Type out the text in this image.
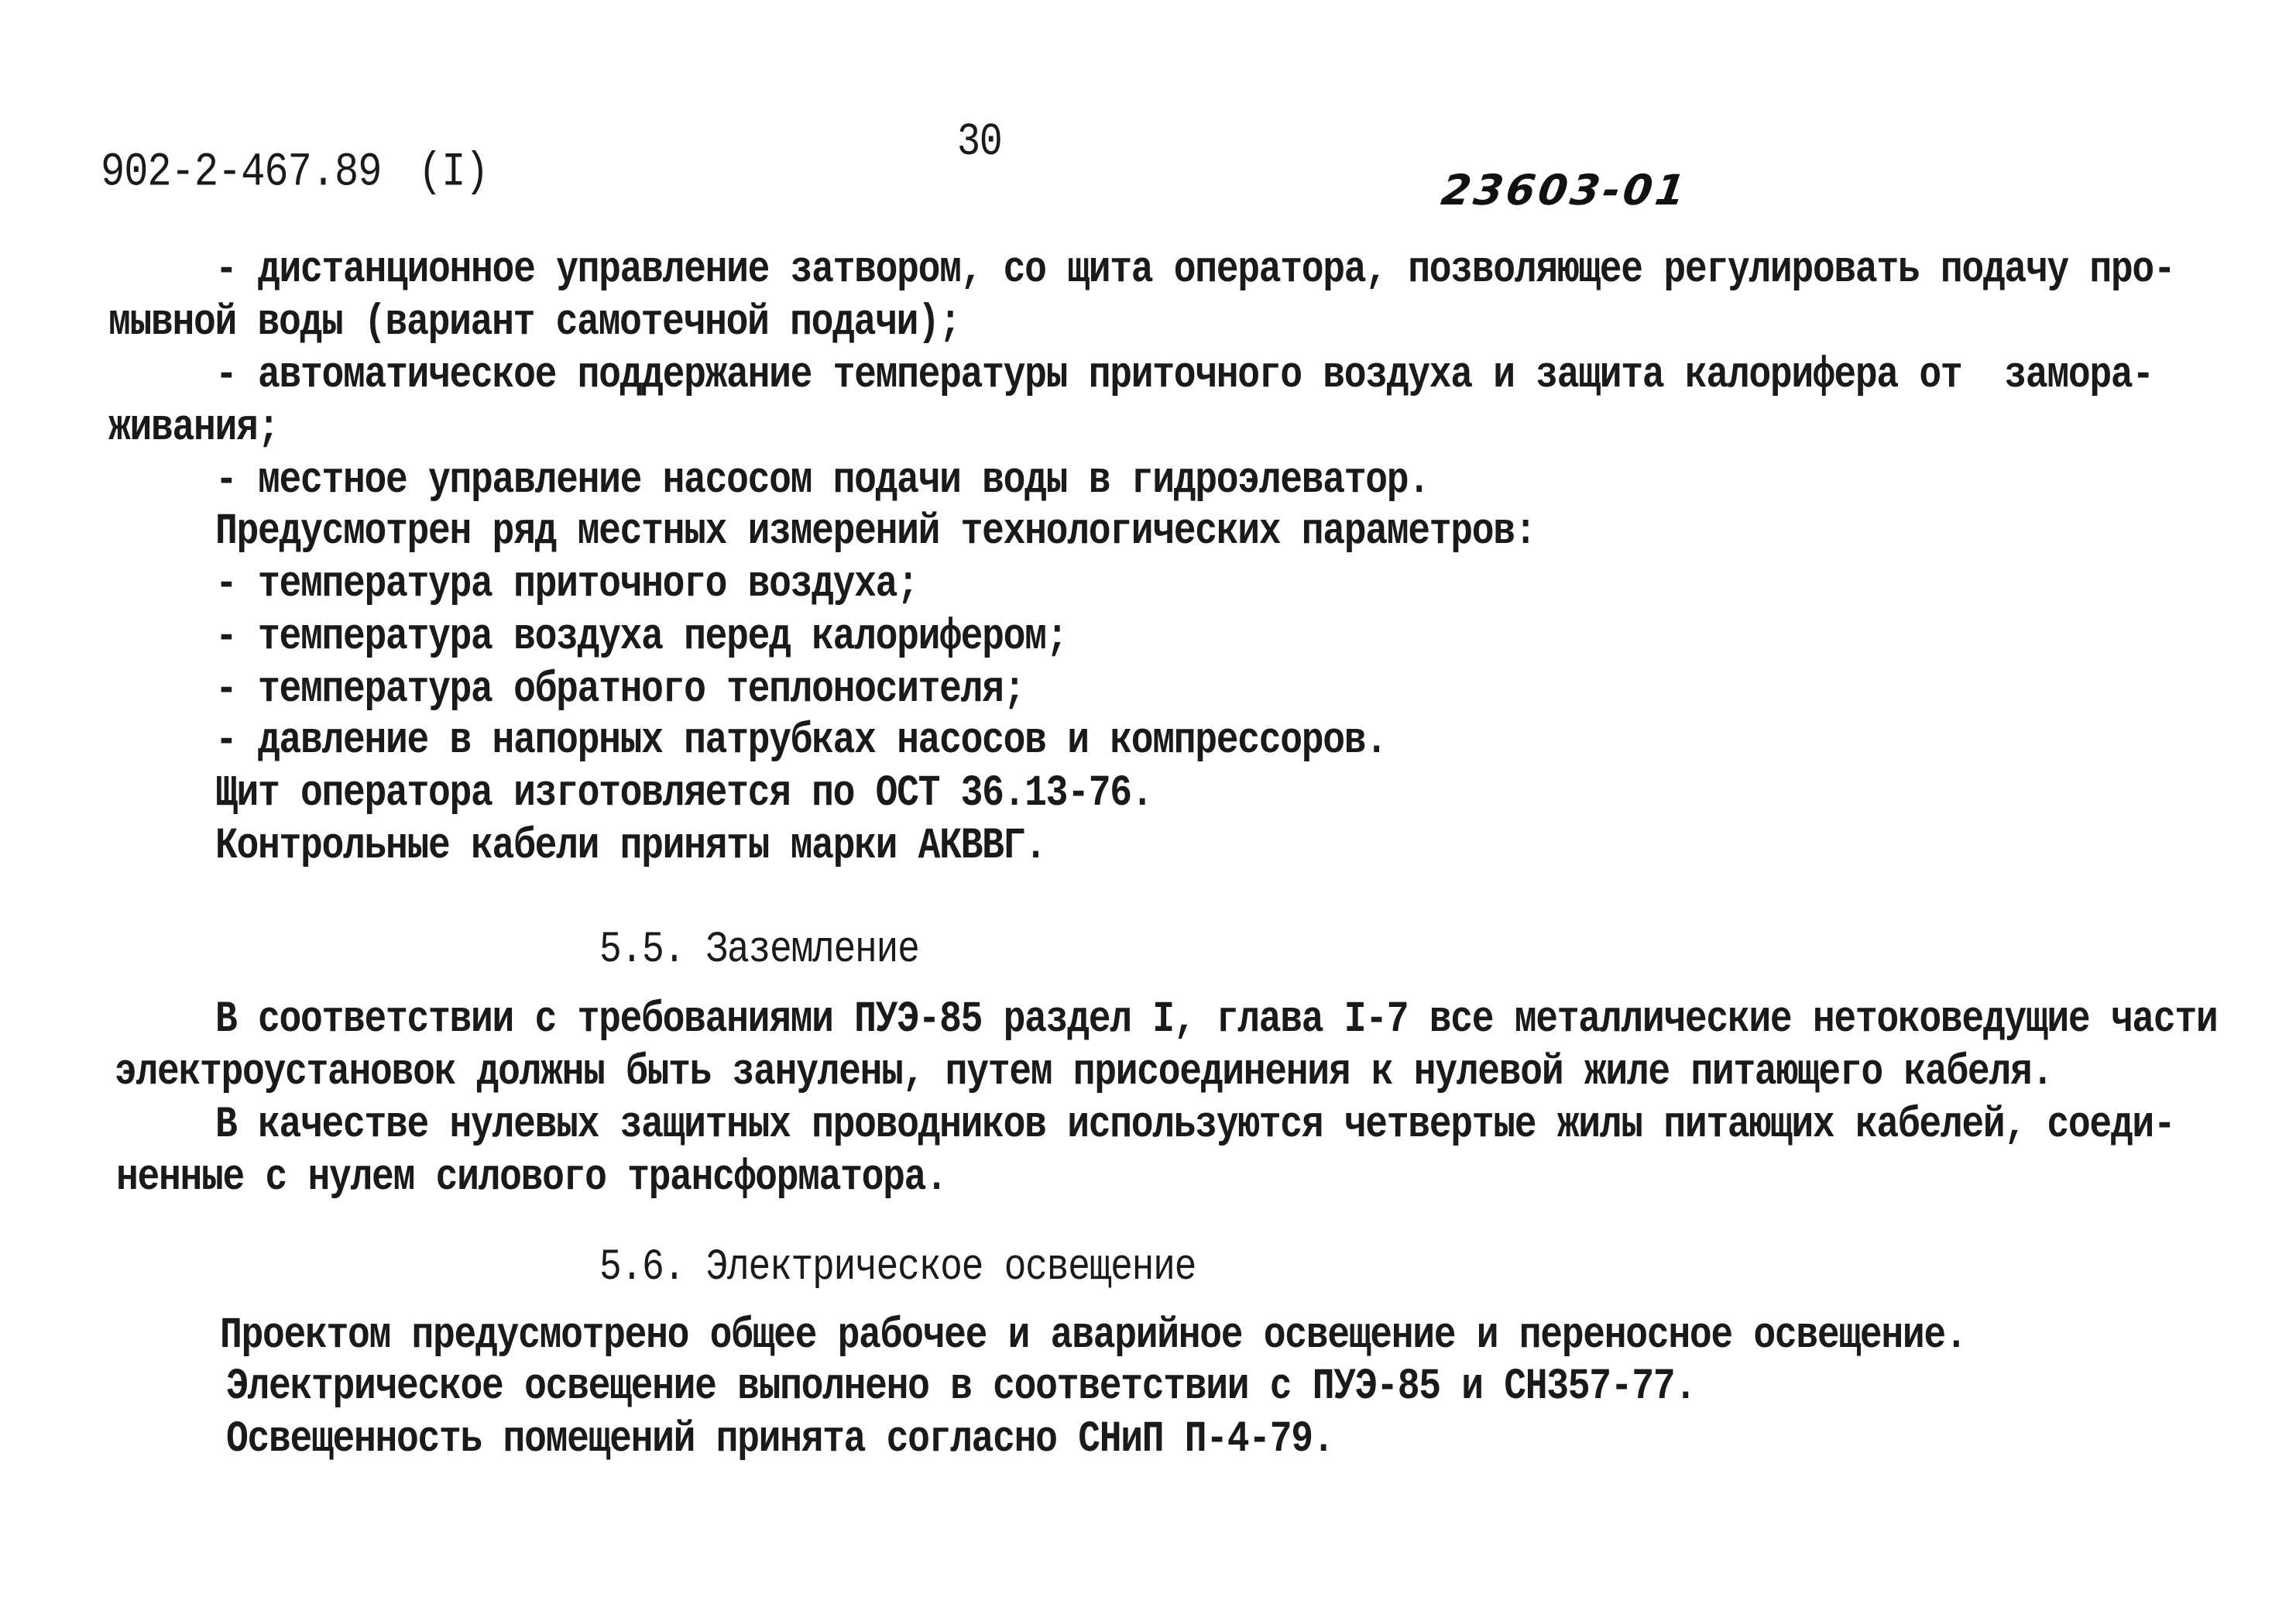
902-2-467.89 (I)
30
23603-01
- дистанционное управление затвором, со щита оператора, позволяющее регулировать подачу про-
мывной воды (вариант самотечной подачи);
- автоматическое поддержание температуры приточного воздуха и защита калорифера от  замора-
живания;
- местное управление насосом подачи воды в гидроэлеватор.
Предусмотрен ряд местных измерений технологических параметров:
- температура приточного воздуха;
- температура воздуха перед калорифером;
- температура обратного теплоносителя;
- давление в напорных патрубках насосов и компрессоров.
Щит оператора изготовляется по ОСТ 36.13-76.
Контрольные кабели приняты марки АКВВГ.
5.5. Заземление
В соответствии с требованиями ПУЭ-85 раздел I, глава I-7 все металлические нетоковедущие части
электроустановок должны быть занулены, путем присоединения к нулевой жиле питающего кабеля.
В качестве нулевых защитных проводников используются четвертые жилы питающих кабелей, соеди-
ненные с нулем силового трансформатора.
5.6. Электрическое освещение
Проектом предусмотрено общее рабочее и аварийное освещение и переносное освещение.
Электрическое освещение выполнено в соответствии с ПУЭ-85 и СН357-77.
Освещенность помещений принята согласно СНиП П-4-79.
